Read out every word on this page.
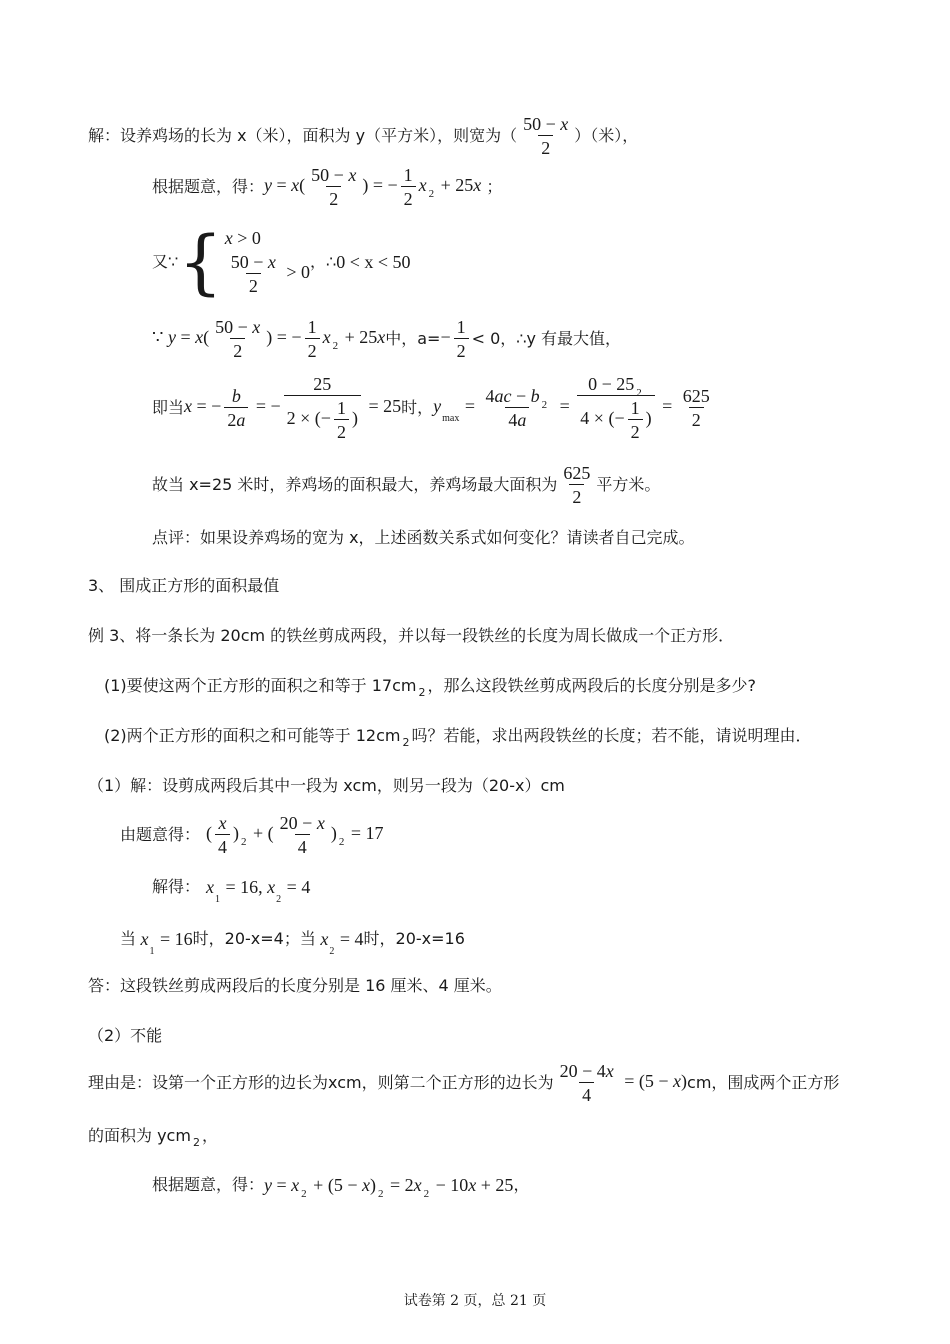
解：设养鸡场的长为 x（米），面积为 y（平方米），则宽为（ $\frac{50 - x}{2}$ ）（米），
根据题意，得： $y = x( \frac{50 - x}{2}$ ) = − $\frac{1}{2}$ x $_2$ + 25x ；
又∵ { x > 0
$\frac{50 - x}{2} > 0$
，∴ 0 < x < 50
∵ $y = x( \frac{50 - x}{2}$ ) = − $\frac{1}{2}$ x $_2$ + 25x 中，$a= - \frac{1}{2} < 0$，∴y 有最大值，
即当 x = − $\frac{b}{2a}$ = − $\frac{25}{2 \times (- \frac{1}{2} )} = 25$ 时， $y_{max} = \frac{4ac - b _2}{4a} = \frac{0 - 25 _2}{4 \times (- \frac{1}{2} )} = \frac{625}{2}$
故当 x=25 米时，养鸡场的面积最大，养鸡场最大面积为 $\frac{625}{2}$ 平方米。
点评：如果设养鸡场的宽为 x，上述函数关系式如何变化？请读者自己完成。
3、 围成正方形的面积最值
例 3、将一条长为 20cm 的铁丝剪成两段，并以每一段铁丝的长度为周长做成一个正方形．
(1)要使这两个正方形的面积之和等于 17cm 2 ，那么这段铁丝剪成两段后的长度分别是多少?
(2)两个正方形的面积之和可能等于 12cm 2 吗？若能，求出两段铁丝的长度；若不能，请说明理由．
（1）解：设剪成两段后其中一段为 xcm，则另一段为（20-x）cm
由题意得： ( $\frac{x}{4}$ ) $_2$ + ( $\frac{20 - x}{4}$ ) $_2$ = 17
解得： $x_1 = 16$, $x_2 = 4$
当 $x_1 = 16$ 时，20-x=4；当 $x_2 = 4$ 时，20-x=16
答：这段铁丝剪成两段后的长度分别是 16 厘米、4 厘米。
（2）不能
理由是：设第一个正方形的边长为xcm，则第二个正方形的边长为 $\frac{20 - 4x}{4} = (5 - x)$ cm，围成两个正方形
的面积为 ycm 2 ，
根据题意，得： y = x $_2$ + (5 − x) $_2$ = 2x $_2$ − 10x + 25 ，
试卷第 2 页，总 21 页
